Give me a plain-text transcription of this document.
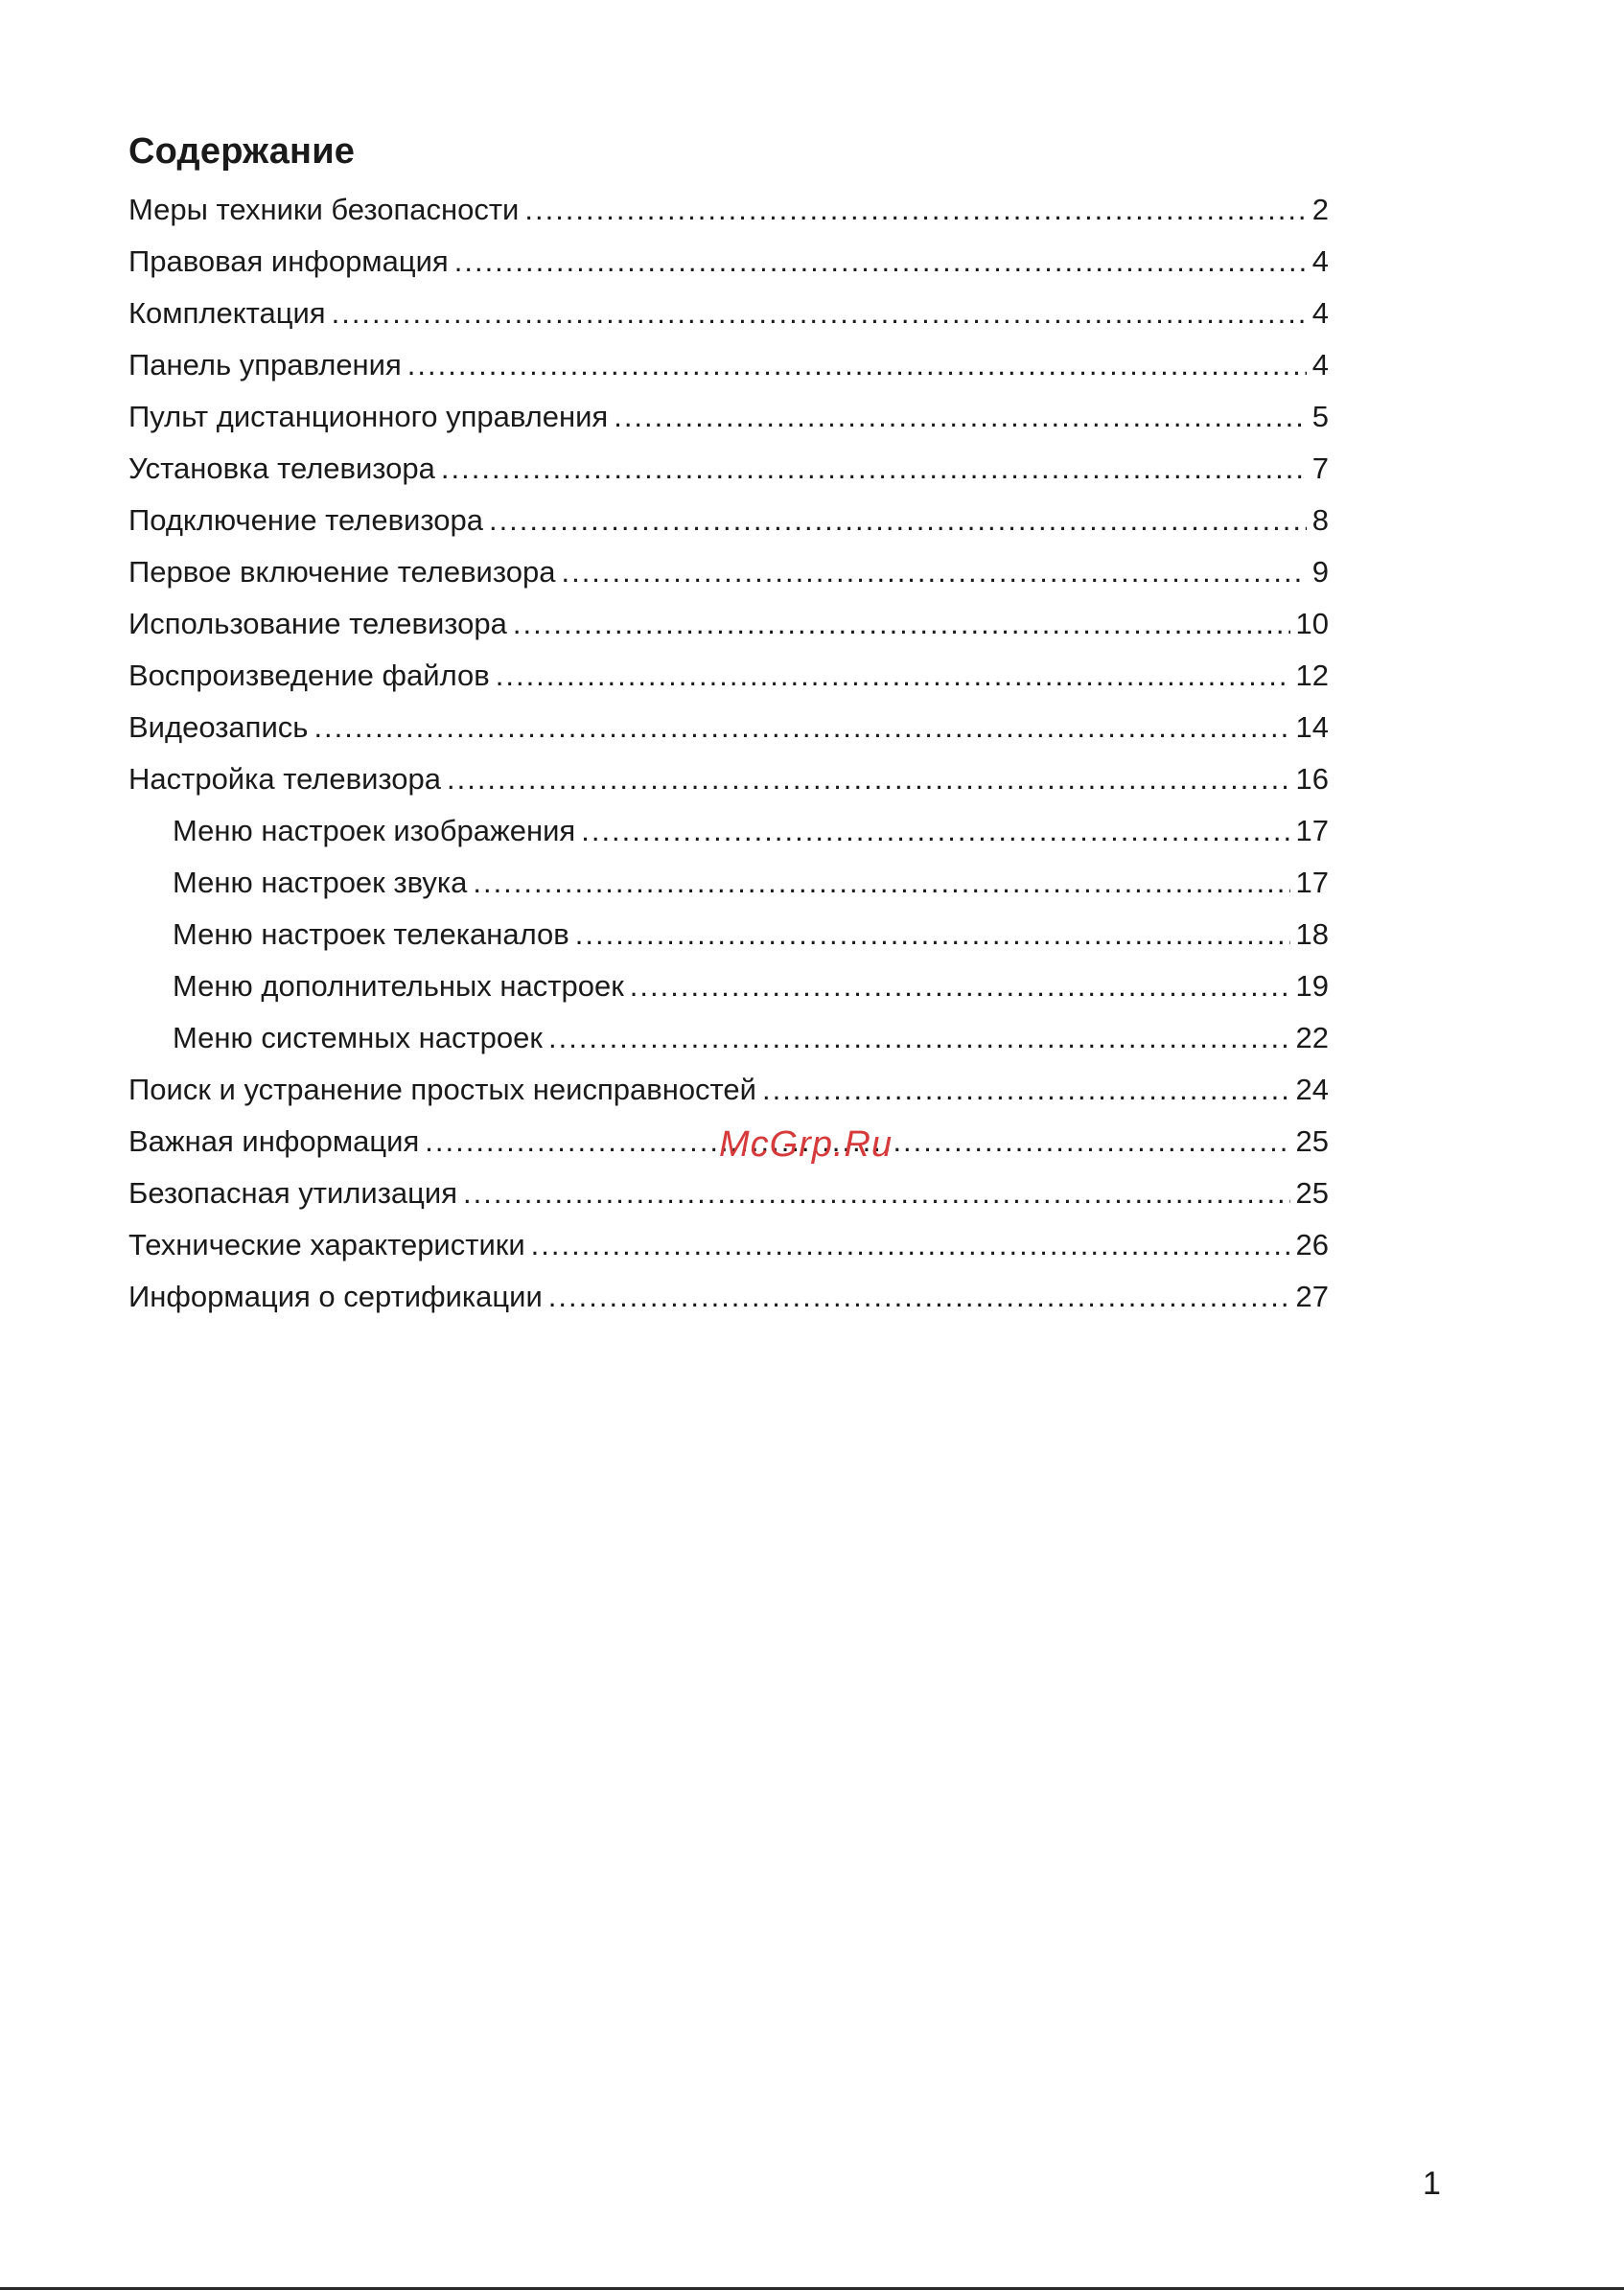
Содержание
Меры техники безопасности .....	2
Правовая информация .....	4
Комплектация .....	4
Панель управления .....	4
Пульт дистанционного управления .....	5
Установка телевизора .....	7
Подключение телевизора .....	8
Первое включение телевизора .....	9
Использование телевизора .....	10
Воспроизведение файлов .....	12
Видеозапись .....	14
Настройка телевизора .....	16
Меню настроек изображения .....	17
Меню настроек звука .....	17
Меню настроек телеканалов .....	18
Меню дополнительных настроек .....	19
Меню системных настроек .....	22
Поиск и устранение простых неисправностей .....	24
Важная информация .....	25
Безопасная утилизация .....	25
Технические характеристики .....	26
Информация о сертификации .....	27
McGrp.Ru
1
